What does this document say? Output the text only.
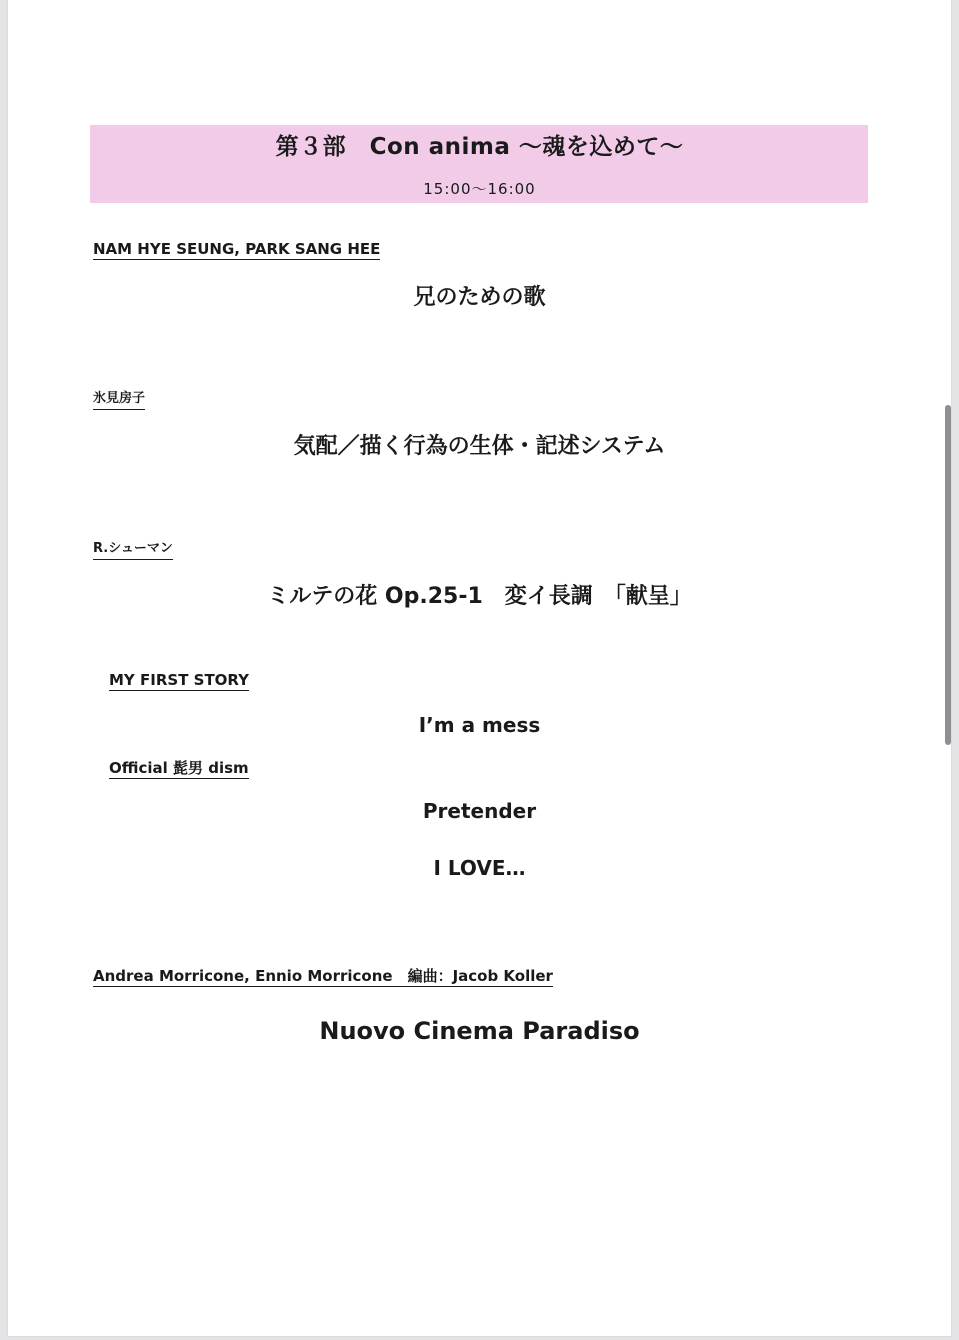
第３部　Con anima ～魂を込めて～
15:00～16:00
NAM HYE SEUNG, PARK SANG HEE
兄のための歌
氷見房子
気配／描く行為の生体・記述システム
R.シューマン
ミルテの花 Op.25-1　変イ長調　「献呈」
MY FIRST STORY
I’m a mess
Official 髭男 dism
Pretender
I LOVE…
Andrea Morricone, Ennio Morricone　編曲：Jacob Koller
Nuovo Cinema Paradiso
